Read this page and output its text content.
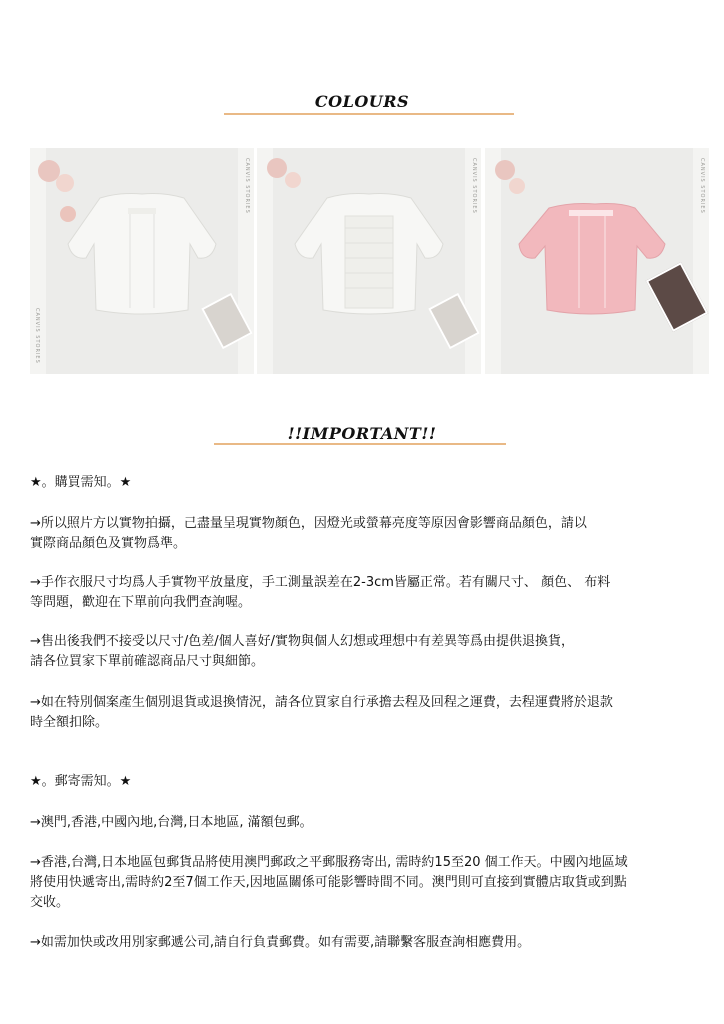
COLOURS
CANVIS STORIES
CANVIS STORIES
CANVIS STORIES	CANVIS STORIES
!!IMPORTANT!!
★。購買需知。★
→所以照片方以實物拍攝，己盡量呈現實物顏色，因燈光或螢幕亮度等原因會影響商品顏色，請以
實際商品顏色及實物爲準。
→手作衣服尺寸均爲人手實物平放量度，手工測量誤差在2-3cm皆屬正常。若有關尺寸、 顏色、 布料
等問題，歡迎在下單前向我們查詢喔。
→售出後我們不接受以尺寸/色差/個人喜好/實物與個人幻想或理想中有差異等爲由提供退換貨，
請各位買家下單前確認商品尺寸與細節。
→如在特別個案產生個別退貨或退換情況，請各位買家自行承擔去程及回程之運費，去程運費將於退款
時全額扣除。
★。郵寄需知。★
→澳門,香港,中國內地,台灣,日本地區, 滿額包郵。
→香港,台灣,日本地區包郵貨品將使用澳門郵政之平郵服務寄出, 需時約15至20 個工作天。中國內地區域
將使用快遞寄出,需時約2至7個工作天,因地區關係可能影響時間不同。澳門則可直接到實體店取貨或到點
交收。
→如需加快或改用別家郵遞公司,請自行負責郵費。如有需要,請聯繫客服查詢相應費用。
